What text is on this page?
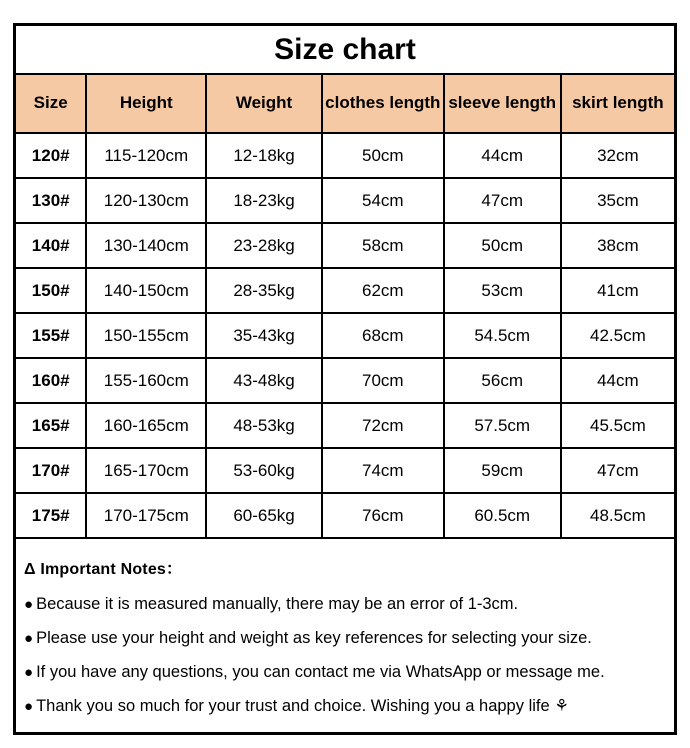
Size chart
Size	Height	Weight	clothes length	sleeve length	skirt length
120#	115-120cm	12-18kg	50cm	44cm	32cm
130#	120-130cm	18-23kg	54cm	47cm	35cm
140#	130-140cm	23-28kg	58cm	50cm	38cm
150#	140-150cm	28-35kg	62cm	53cm	41cm
155#	150-155cm	35-43kg	68cm	54.5cm	42.5cm
160#	155-160cm	43-48kg	70cm	56cm	44cm
165#	160-165cm	48-53kg	72cm	57.5cm	45.5cm
170#	165-170cm	53-60kg	74cm	59cm	47cm
175#	170-175cm	60-65kg	76cm	60.5cm	48.5cm
Δ Important Notes：
● Because it is measured manually, there may be an error of 1-3cm.
● Please use your height and weight as key references for selecting your size.
● If you have any questions, you can contact me via WhatsApp or message me.
● Thank you so much for your trust and choice. Wishing you a happy life ⚘
